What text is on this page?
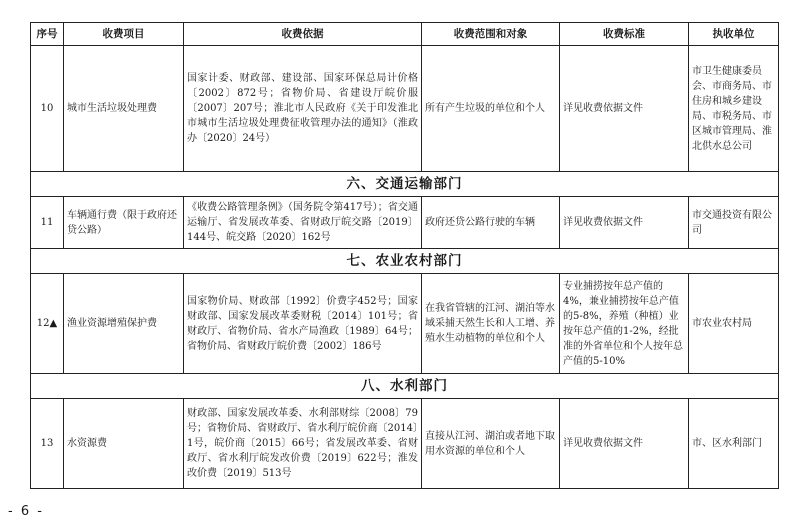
序号	收费项目	收费依据	收费范围和对象	收费标准	执收单位
10	城市生活垃圾处理费	国家计委、财政部、建设部、国家环保总局计价格〔2002〕872号；省物价局、省建设厅皖价服〔2007〕207号；淮北市人民政府《关于印发淮北市城市生活垃圾处理费征收管理办法的通知》（淮政办〔2020〕24号）	所有产生垃圾的单位和个人	详见收费依据文件	市卫生健康委员会、市商务局、市住房和城乡建设局、市税务局、市区城市管理局、淮北供水总公司
六、交通运输部门					
11	车辆通行费（限于政府还贷公路）	《收费公路管理条例》（国务院令第417号）；省交通运输厅、省发展改革委、省财政厅皖交路〔2019〕144号、皖交路〔2020〕162号	政府还贷公路行驶的车辆	详见收费依据文件	市交通投资有限公司
七、农业农村部门					
12▲	渔业资源增殖保护费	国家物价局、财政部〔1992〕价费字452号；国家财政部、国家发展改革委财税〔2014〕101号；省财政厅、省物价局、省水产局渔政〔1989〕64号；省物价局、省财政厅皖价费〔2002〕186号	在我省管辖的江河、湖泊等水域采捕天然生长和人工增、养殖水生动植物的单位和个人	专业捕捞按年总产值的4%，兼业捕捞按年总产值的5-8%，养殖（种植）业按年总产值的1-2%，经批准的外省单位和个人按年总产值的5-10%	市农业农村局
八、水利部门					
13	水资源费	财政部、国家发展改革委、水利部财综〔2008〕79号；省物价局、省财政厅、省水利厅皖价商〔2014〕1号，皖价商〔2015〕66号；省发展改革委、省财政厅、省水利厅皖发改价费〔2019〕622号；淮发改价费〔2019〕513号	直接从江河、湖泊或者地下取用水资源的单位和个人	详见收费依据文件	市、区水利部门
- 6 -
